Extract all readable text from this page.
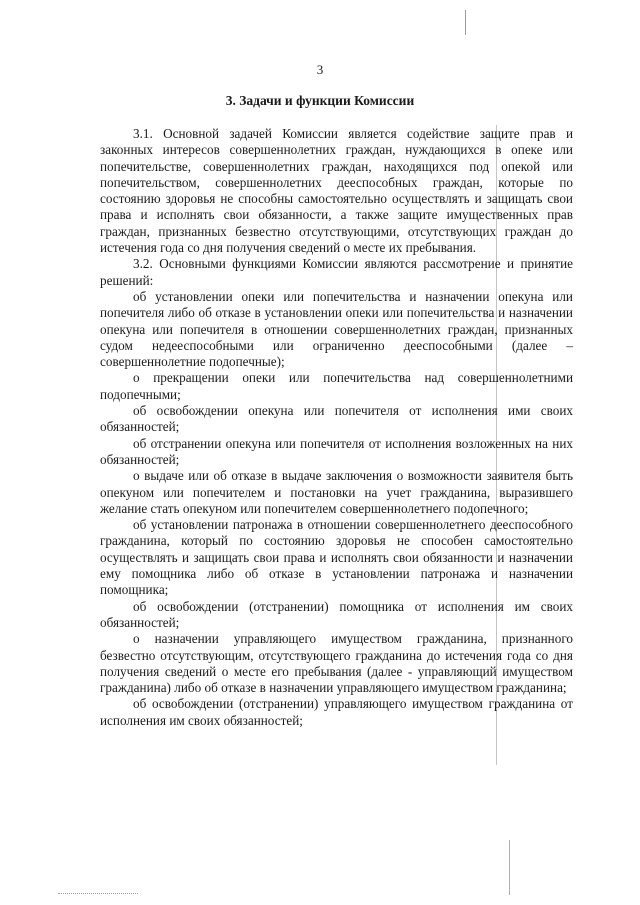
3
3. Задачи и функции Комиссии

3.1. Основной задачей Комиссии является содействие защите прав и законных интересов совершеннолетних граждан, нуждающихся в опеке или попечительстве, совершеннолетних граждан, находящихся под опекой или попечительством, совершеннолетних дееспособных граждан, которые по состоянию здоровья не способны самостоятельно осуществлять и защищать свои права и исполнять свои обязанности, а также защите имущественных прав граждан, признанных безвестно отсутствующими, отсутствующих граждан до истечения года со дня получения сведений о месте их пребывания.

3.2. Основными функциями Комиссии являются рассмотрение и принятие решений:

об установлении опеки или попечительства и назначении опекуна или попечителя либо об отказе в установлении опеки или попечительства и назначении опекуна или попечителя в отношении совершеннолетних граждан, признанных судом недееспособными или ограниченно дееспособными (далее – совершеннолетние подопечные);

о прекращении опеки или попечительства над совершеннолетними подопечными;

об освобождении опекуна или попечителя от исполнения ими своих обязанностей;

об отстранении опекуна или попечителя от исполнения возложенных на них обязанностей;

о выдаче или об отказе в выдаче заключения о возможности заявителя быть опекуном или попечителем и постановки на учет гражданина, выразившего желание стать опекуном или попечителем совершеннолетнего подопечного;

об установлении патронажа в отношении совершеннолетнего дееспособного гражданина, который по состоянию здоровья не способен самостоятельно осуществлять и защищать свои права и исполнять свои обязанности и назначении ему помощника либо об отказе в установлении патронажа и назначении помощника;

об освобождении (отстранении) помощника от исполнения им своих обязанностей;

о назначении управляющего имуществом гражданина, признанного безвестно отсутствующим, отсутствующего гражданина до истечения года со дня получения сведений о месте его пребывания (далее - управляющий имуществом гражданина) либо об отказе в назначении управляющего имуществом гражданина;

об освобождении (отстранении) управляющего имуществом гражданина от исполнения им своих обязанностей;
